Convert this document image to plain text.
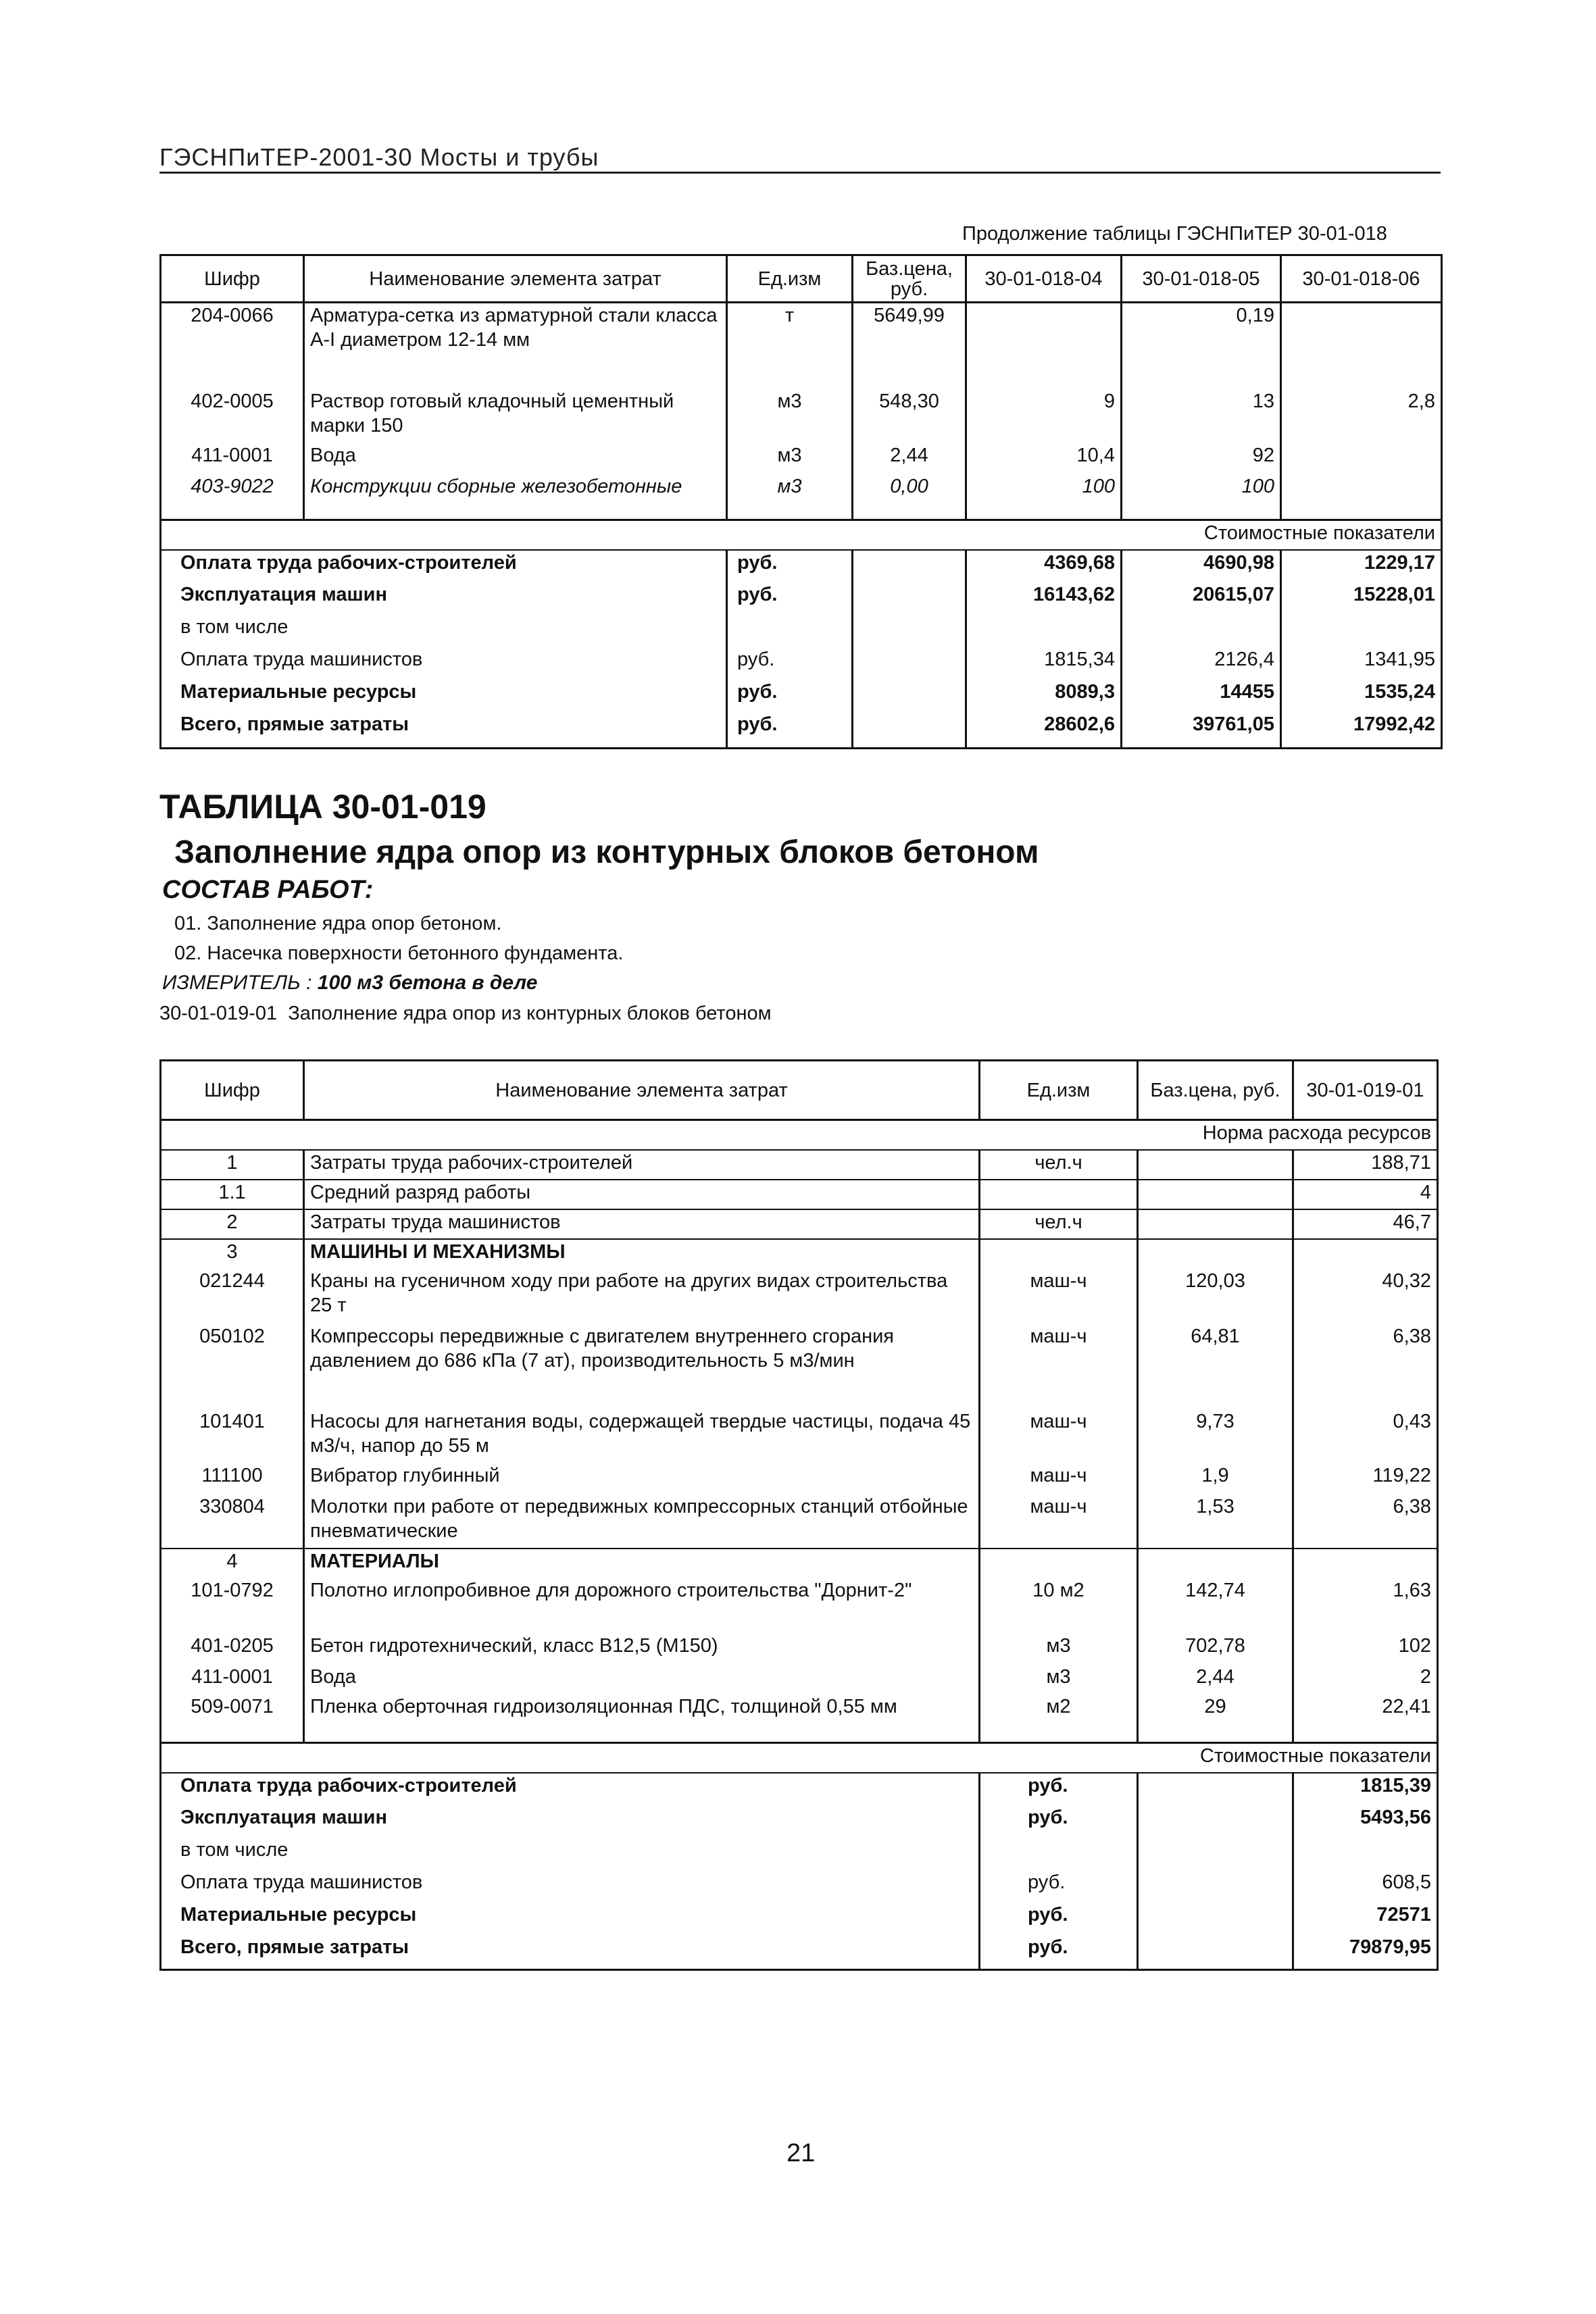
ГЭСНПиТЕР-2001-30 Мосты и трубы
Продолжение таблицы ГЭСНПиТЕР 30-01-018
Шифр	Наименование элемента затрат	Ед.изм	Баз.цена, руб.	30-01-018-04	30-01-018-05	30-01-018-06
204-0066	Арматура-сетка из арматурной стали класса А-I диаметром 12-14 мм	т	5649,99		0,19	
402-0005	Раствор готовый кладочный цементный марки 150	м3	548,30	9	13	2,8
411-0001	Вода	м3	2,44	10,4	92	
403-9022	Конструкции сборные железобетонные	м3	0,00	100	100	
Стоимостные показатели						
Оплата труда рабочих-строителей		руб.		4369,68	4690,98	1229,17
Эксплуатация машин		руб.		16143,62	20615,07	15228,01
в том числе						
Оплата труда машинистов		руб.		1815,34	2126,4	1341,95
Материальные ресурсы		руб.		8089,3	14455	1535,24
Всего, прямые затраты		руб.		28602,6	39761,05	17992,42
ТАБЛИЦА 30-01-019
Заполнение ядра опор из контурных блоков бетоном
СОСТАВ РАБОТ:
01. Заполнение ядра опор бетоном.
02. Насечка поверхности бетонного фундамента.
ИЗМЕРИТЕЛЬ : 100 м3 бетона в деле
30-01-019-01  Заполнение ядра опор из контурных блоков бетоном
Шифр	Наименование элемента затрат	Ед.изм	Баз.цена, руб.	30-01-019-01
Норма расхода ресурсов				
1	Затраты труда рабочих-строителей	чел.ч		188,71
1.1	Средний разряд работы			4
2	Затраты труда машинистов	чел.ч		46,7
3	МАШИНЫ И МЕХАНИЗМЫ			
021244	Краны на гусеничном ходу при работе на других видах строительства 25 т	маш-ч	120,03	40,32
050102	Компрессоры передвижные с двигателем внутреннего сгорания давлением до 686 кПа (7 ат), производительность 5 м3/мин	маш-ч	64,81	6,38
101401	Насосы для нагнетания воды, содержащей твердые частицы, подача 45 м3/ч, напор до 55 м	маш-ч	9,73	0,43
111100	Вибратор глубинный	маш-ч	1,9	119,22
330804	Молотки при работе от передвижных компрессорных станций отбойные пневматические	маш-ч	1,53	6,38
4	МАТЕРИАЛЫ			
101-0792	Полотно иглопробивное для дорожного строительства "Дорнит-2"	10 м2	142,74	1,63
401-0205	Бетон гидротехнический, класс В12,5 (М150)	м3	702,78	102
411-0001	Вода	м3	2,44	2
509-0071	Пленка оберточная гидроизоляционная ПДС, толщиной 0,55 мм	м2	29	22,41
Стоимостные показатели				
Оплата труда рабочих-строителей		руб.		1815,39
Эксплуатация машин		руб.		5493,56
в том числе				
Оплата труда машинистов		руб.		608,5
Материальные ресурсы		руб.		72571
Всего, прямые затраты		руб.		79879,95
21
